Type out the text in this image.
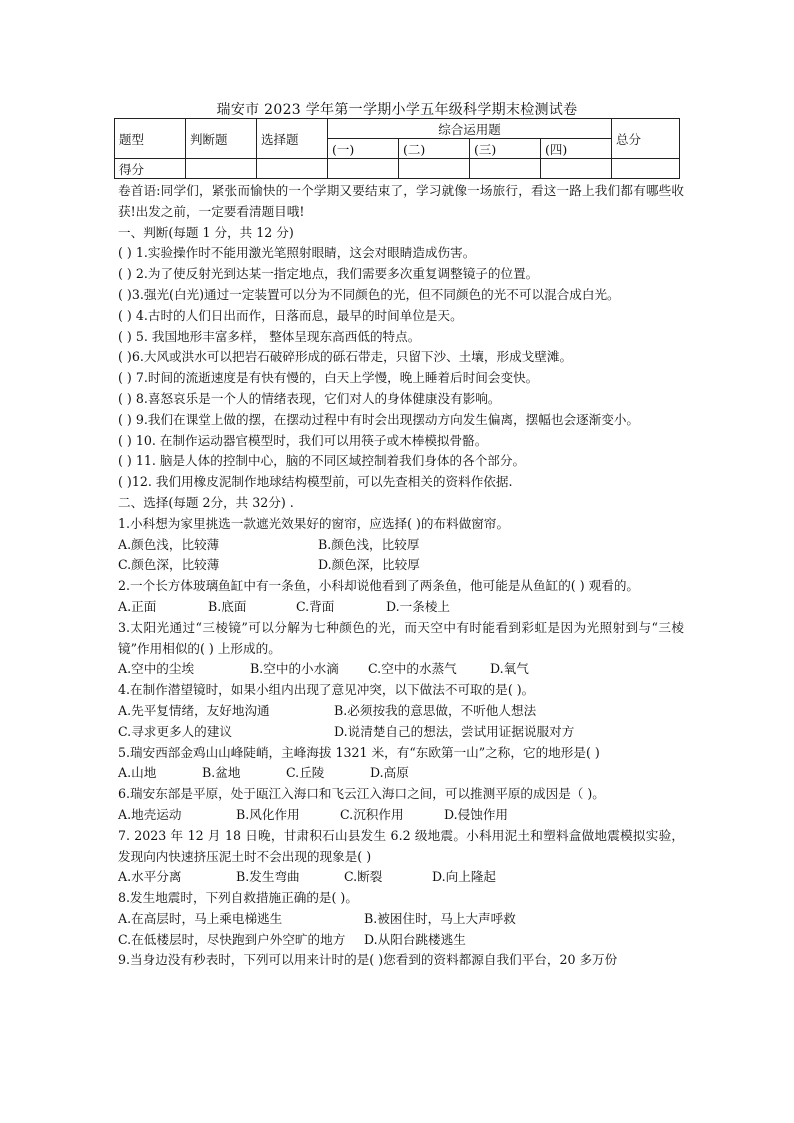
瑞安市 2023 学年第一学期小学五年级科学期末检测试卷
题型	判断题	选择题	综合运用题				总分
			(一)	(二)	(三)	(四)	
得分							

卷首语:同学们，紧张而愉快的一个学期又要结束了，学习就像一场旅行，看这一路上我们都有哪些收获!出发之前，一定要看清题目哦!

一、判断(每题 1 分，共 12 分)

( ) 1.实验操作时不能用激光笔照射眼睛，这会对眼睛造成伤害。

( ) 2.为了使反射光到达某一指定地点，我们需要多次重复调整镜子的位置。

( )3.强光(白光)通过一定装置可以分为不同颜色的光，但不同颜色的光不可以混合成白光。

( ) 4.古时的人们日出而作，日落而息，最早的时间单位是天。

( ) 5. 我国地形丰富多样， 整体呈现东高西低的特点。

( )6.大风或洪水可以把岩石破碎形成的砾石带走，只留下沙、土壤，形成戈壁滩。

( ) 7.时间的流逝速度是有快有慢的，白天上学慢，晚上睡着后时间会变快。

( ) 8.喜怒哀乐是一个人的情绪表现，它们对人的身体健康没有影响。

( ) 9.我们在课堂上做的摆，在摆动过程中有时会出现摆动方向发生偏离，摆幅也会逐渐变小。

( ) 10. 在制作运动器官模型时，我们可以用筷子或木棒模拟骨骼。

( ) 11. 脑是人体的控制中心，脑的不同区域控制着我们身体的各个部分。

( )12. 我们用橡皮泥制作地球结构模型前，可以先查相关的资料作依据.

二、选择(每题 2分，共 32分) .

1.小科想为家里挑选一款遮光效果好的窗帘，应选择( )的布料做窗帘。

A.颜色浅，比较薄	B.颜色浅，比较厚
C.颜色深，比较薄	D.颜色深，比较厚

2.一个长方体玻璃鱼缸中有一条鱼，小科却说他看到了两条鱼，他可能是从鱼缸的( ) 观看的。

A.正面	B.底面	C.背面	D.一条棱上

3.太阳光通过“三棱镜”可以分解为七种颜色的光，而天空中有时能看到彩虹是因为光照射到与“三棱镜”作用相似的( ) 上形成的。

A.空中的尘埃	B.空中的小水滴	C.空中的水蒸气	D.氧气

4.在制作潜望镜时，如果小组内出现了意见冲突，以下做法不可取的是( )。

A.先平复情绪，友好地沟通	B.必须按我的意思做，不听他人想法
C.寻求更多人的建议	D.说清楚自己的想法，尝试用证据说服对方

5.瑞安西部金鸡山山峰陡峭，主峰海拔 1321 米，有“东欧第一山”之称，它的地形是( )

A.山地	B.盆地	C.丘陵	D.高原

6.瑞安东部是平原，处于瓯江入海口和飞云江入海口之间，可以推测平原的成因是（ )。

A.地壳运动	B.风化作用	C.沉积作用	D.侵蚀作用

7. 2023 年 12 月 18 日晚，甘肃积石山县发生 6.2 级地震。小科用泥土和塑料盒做地震模拟实验，发现向内快速挤压泥土时不会出现的现象是( )

A.水平分离	B.发生弯曲	C.断裂	D.向上隆起

8.发生地震时，下列自救措施正确的是( )。

A.在高层时，马上乘电梯逃生	B.被困住时，马上大声呼救
C.在低楼层时，尽快跑到户外空旷的地方	D.从阳台跳楼逃生

9.当身边没有秒表时，下列可以用来计时的是( )您看到的资料都源自我们平台，20 多万份
